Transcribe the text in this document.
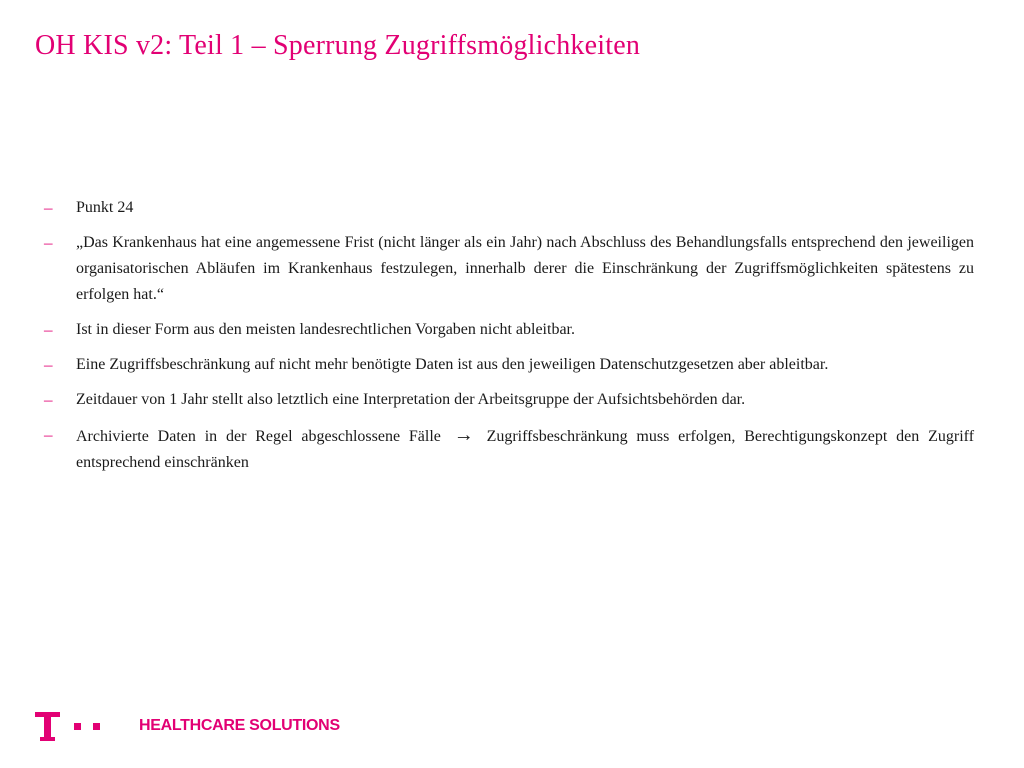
OH KIS v2: Teil 1 – Sperrung Zugriffsmöglichkeiten
–	Punkt 24
–	„Das Krankenhaus hat eine angemessene Frist (nicht länger als ein Jahr) nach Abschluss des Behandlungsfalls entsprechend den jeweiligen organisatorischen Abläufen im Krankenhaus festzulegen, innerhalb derer die Einschränkung der Zugriffsmöglichkeiten spätestens zu erfolgen hat.“
–	Ist in dieser Form aus den meisten landesrechtlichen Vorgaben nicht ableitbar.
–	Eine Zugriffsbeschränkung auf nicht mehr benötigte Daten ist aus den jeweiligen Datenschutzgesetzen aber ableitbar.
–	Zeitdauer von 1 Jahr stellt also letztlich eine Interpretation der Arbeitsgruppe der Aufsichtsbehörden dar.
–	Archivierte Daten in der Regel abgeschlossene Fälle → Zugriffsbeschränkung muss erfolgen, Berechtigungskonzept den Zugriff entsprechend einschränken
HEALTHCARE SOLUTIONS
